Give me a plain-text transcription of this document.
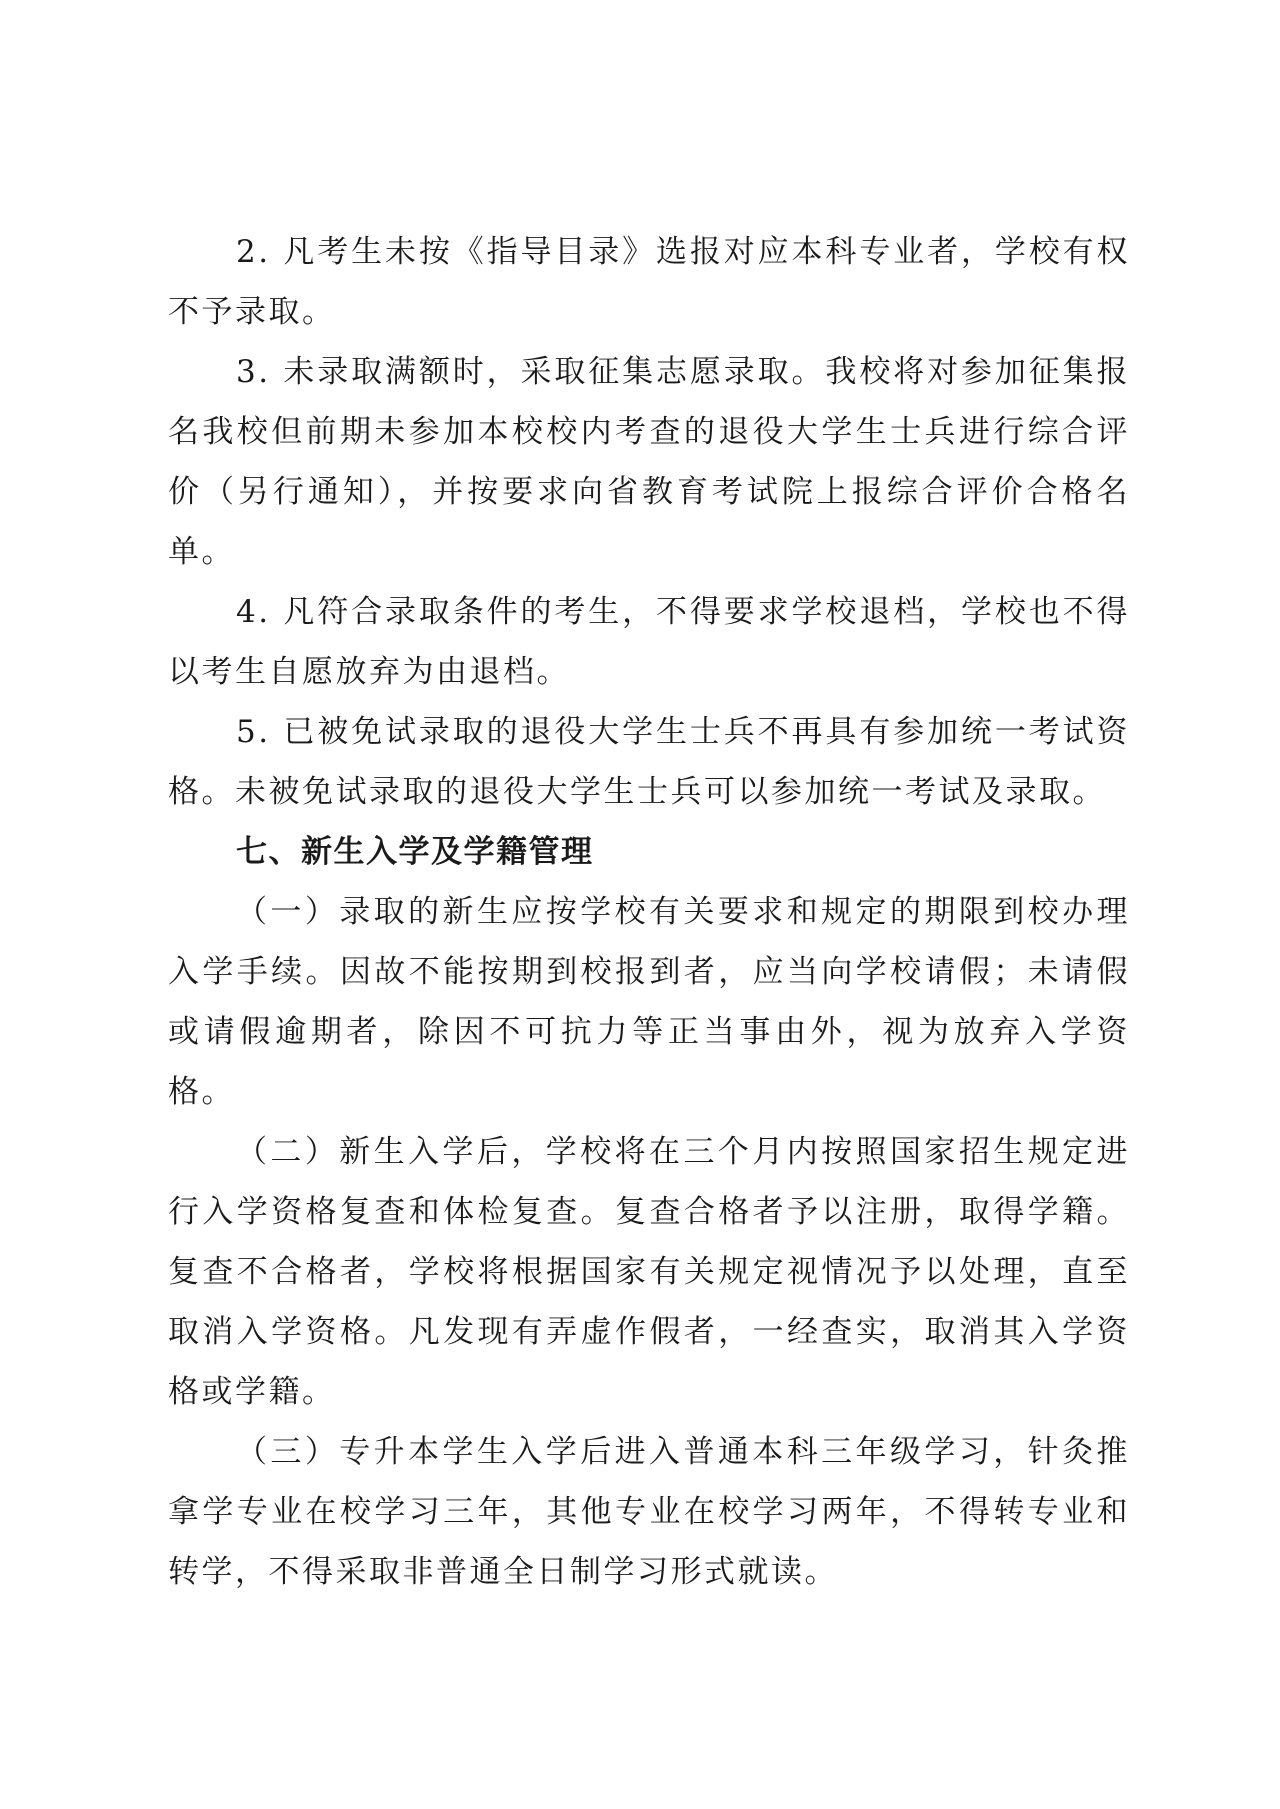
2. 凡考生未按《指导目录》选报对应本科专业者，学校有权不予录取。

3. 未录取满额时，采取征集志愿录取。我校将对参加征集报名我校但前期未参加本校校内考查的退役大学生士兵进行综合评价（另行通知），并按要求向省教育考试院上报综合评价合格名单。

4. 凡符合录取条件的考生，不得要求学校退档，学校也不得以考生自愿放弃为由退档。

5. 已被免试录取的退役大学生士兵不再具有参加统一考试资格。未被免试录取的退役大学生士兵可以参加统一考试及录取。

七、新生入学及学籍管理

（一）录取的新生应按学校有关要求和规定的期限到校办理入学手续。因故不能按期到校报到者，应当向学校请假；未请假或请假逾期者，除因不可抗力等正当事由外，视为放弃入学资格。

（二）新生入学后，学校将在三个月内按照国家招生规定进行入学资格复查和体检复查。复查合格者予以注册，取得学籍。复查不合格者，学校将根据国家有关规定视情况予以处理，直至取消入学资格。凡发现有弄虚作假者，一经查实，取消其入学资格或学籍。

（三）专升本学生入学后进入普通本科三年级学习，针灸推拿学专业在校学习三年，其他专业在校学习两年，不得转专业和转学，不得采取非普通全日制学习形式就读。
